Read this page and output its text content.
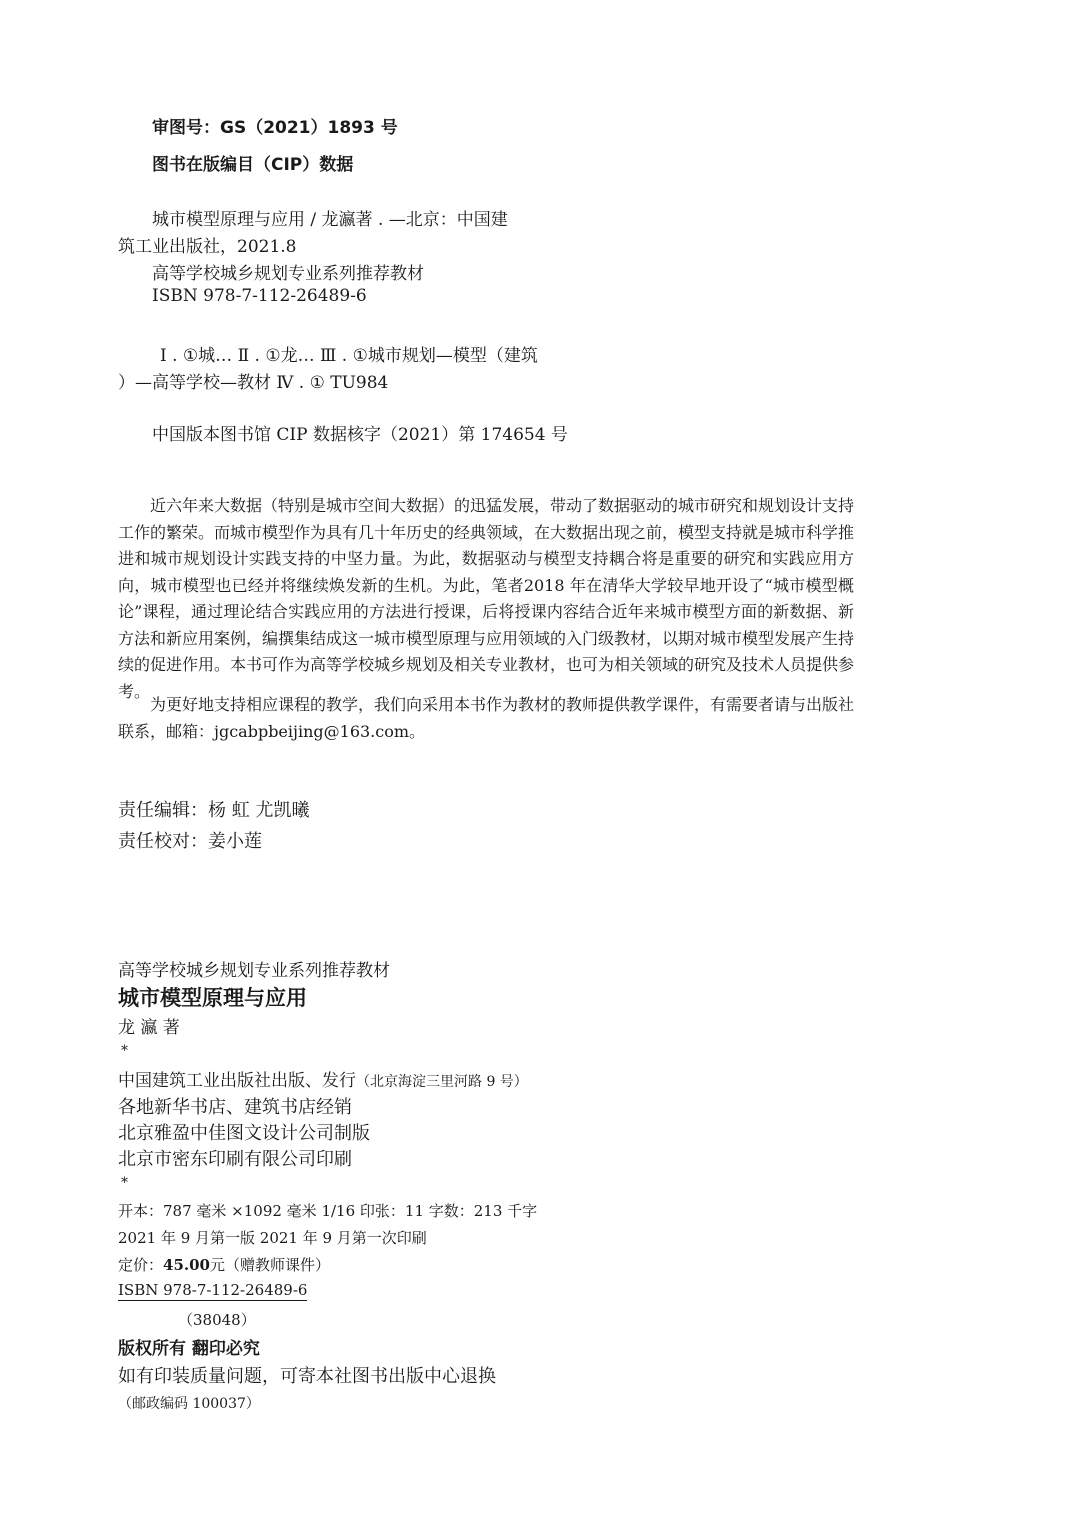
审图号：GS（2021）1893 号
图书在版编目（CIP）数据
城市模型原理与应用 / 龙瀛著 . —北京：中国建
筑工业出版社，2021.8
高等学校城乡规划专业系列推荐教材
ISBN 978-7-112-26489-6
Ⅰ . ①城… Ⅱ . ①龙… Ⅲ . ①城市规划—模型（建筑
）—高等学校—教材 Ⅳ . ① TU984
中国版本图书馆 CIP 数据核字（2021）第 174654 号

近六年来大数据（特别是城市空间大数据）的迅猛发展，带动了数据驱动的城市研究和规划设计支持工作的繁荣。而城市模型作为具有几十年历史的经典领域，在大数据出现之前，模型支持就是城市科学推进和城市规划设计实践支持的中坚力量。为此，数据驱动与模型支持耦合将是重要的研究和实践应用方向，城市模型也已经并将继续焕发新的生机。为此，笔者2018 年在清华大学较早地开设了“城市模型概论”课程，通过理论结合实践应用的方法进行授课，后将授课内容结合近年来城市模型方面的新数据、新方法和新应用案例，编撰集结成这一城市模型原理与应用领域的入门级教材，以期对城市模型发展产生持续的促进作用。本书可作为高等学校城乡规划及相关专业教材，也可为相关领域的研究及技术人员提供参考。

为更好地支持相应课程的教学，我们向采用本书作为教材的教师提供教学课件，有需要者请与出版社联系，邮箱：jgcabpbeijing@163.com。

责任编辑：杨 虹 尤凯曦
责任校对：姜小莲
高等学校城乡规划专业系列推荐教材
城市模型原理与应用
龙 瀛 著
*
中国建筑工业出版社出版、发行（北京海淀三里河路 9 号）
各地新华书店、建筑书店经销
北京雅盈中佳图文设计公司制版
北京市密东印刷有限公司印刷
*
开本：787 毫米 ×1092 毫米 1/16 印张：11 字数：213 千字
2021 年 9 月第一版 2021 年 9 月第一次印刷
定价：45.00元（赠教师课件）
ISBN 978-7-112-26489-6
（38048）
版权所有 翻印必究
如有印装质量问题，可寄本社图书出版中心退换
（邮政编码 100037）
